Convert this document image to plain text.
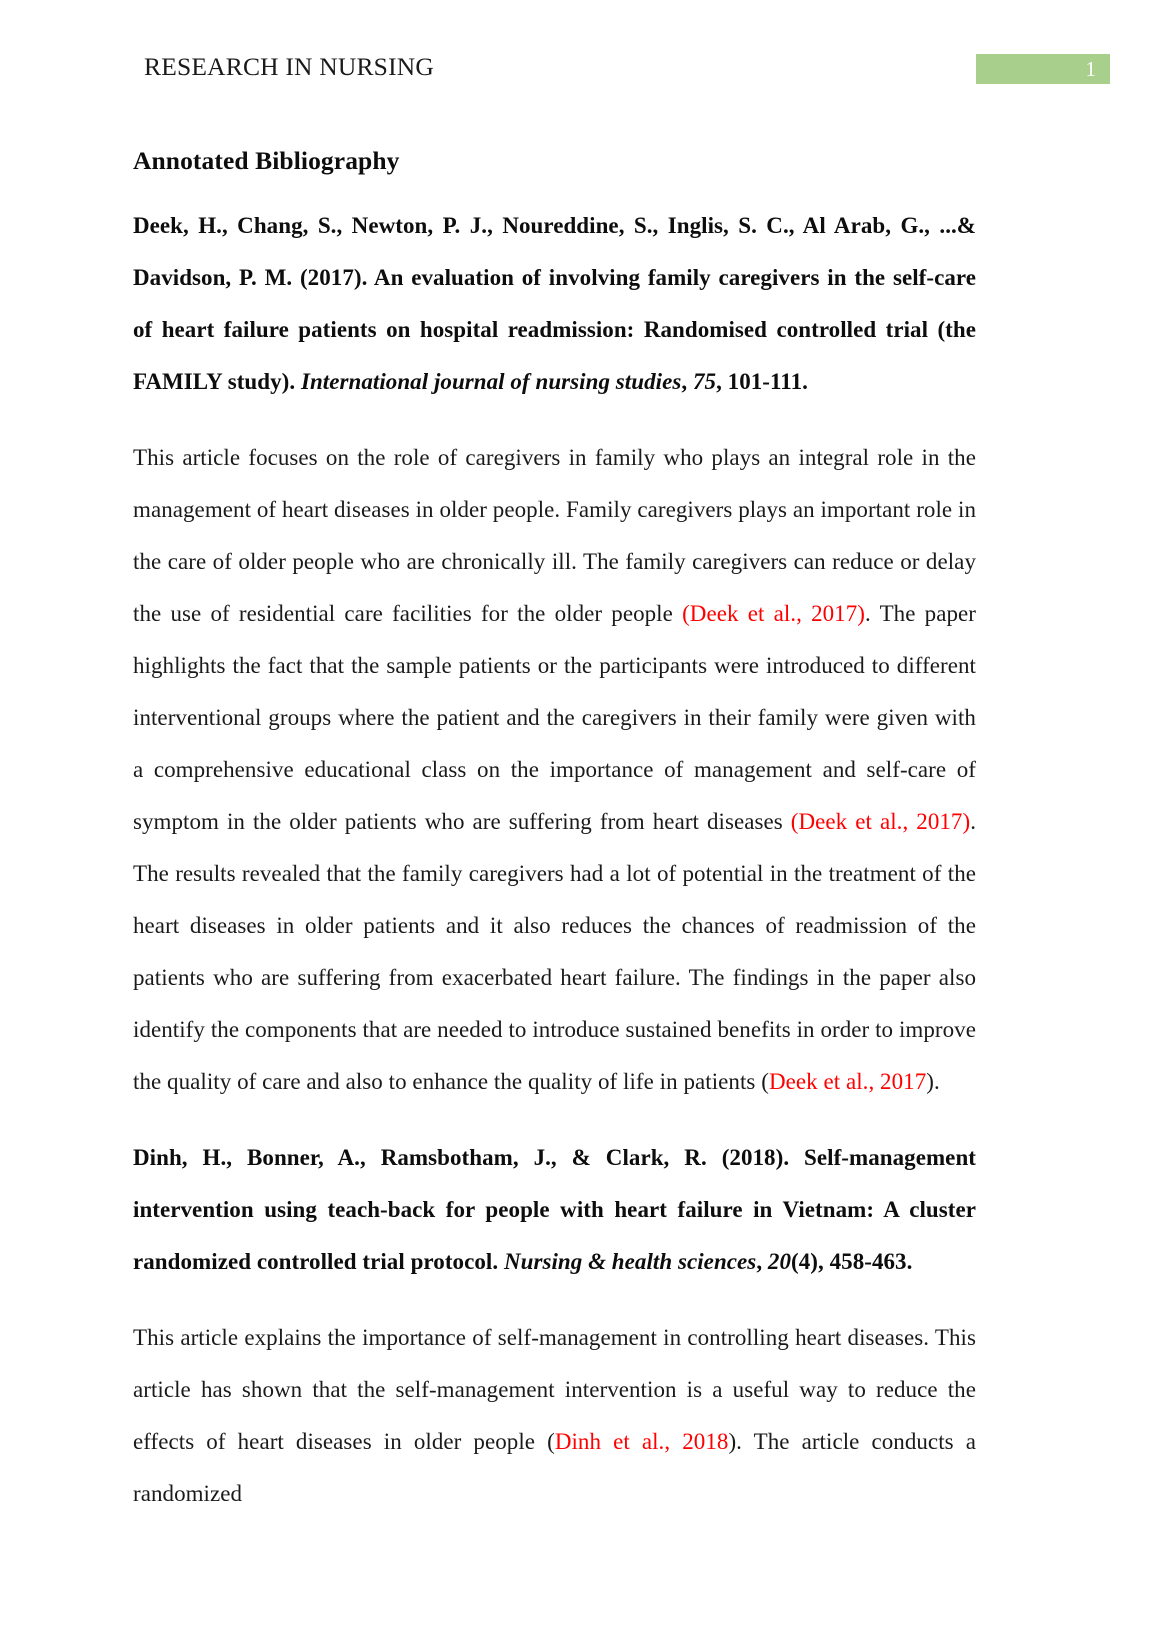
RESEARCH IN NURSING	1
Annotated Bibliography

Deek, H., Chang, S., Newton, P. J., Noureddine, S., Inglis, S. C., Al Arab, G., ...& Davidson, P. M. (2017). An evaluation of involving family caregivers in the self-care of heart failure patients on hospital readmission: Randomised controlled trial (the FAMILY study). International journal of nursing studies, 75, 101-111.

This article focuses on the role of caregivers in family who plays an integral role in the management of heart diseases in older people. Family caregivers plays an important role in the care of older people who are chronically ill. The family caregivers can reduce or delay the use of residential care facilities for the older people (Deek et al., 2017). The paper highlights the fact that the sample patients or the participants were introduced to different interventional groups where the patient and the caregivers in their family were given with a comprehensive educational class on the importance of management and self-care of symptom in the older patients who are suffering from heart diseases (Deek et al., 2017). The results revealed that the family caregivers had a lot of potential in the treatment of the heart diseases in older patients and it also reduces the chances of readmission of the patients who are suffering from exacerbated heart failure. The findings in the paper also identify the components that are needed to introduce sustained benefits in order to improve the quality of care and also to enhance the quality of life in patients (Deek et al., 2017).

Dinh, H., Bonner, A., Ramsbotham, J., & Clark, R. (2018). Self-management intervention using teach-back for people with heart failure in Vietnam: A cluster randomized controlled trial protocol. Nursing & health sciences, 20(4), 458-463.

This article explains the importance of self-management in controlling heart diseases. This article has shown that the self-management intervention is a useful way to reduce the effects of heart diseases in older people (Dinh et al., 2018). The article conducts a randomized
